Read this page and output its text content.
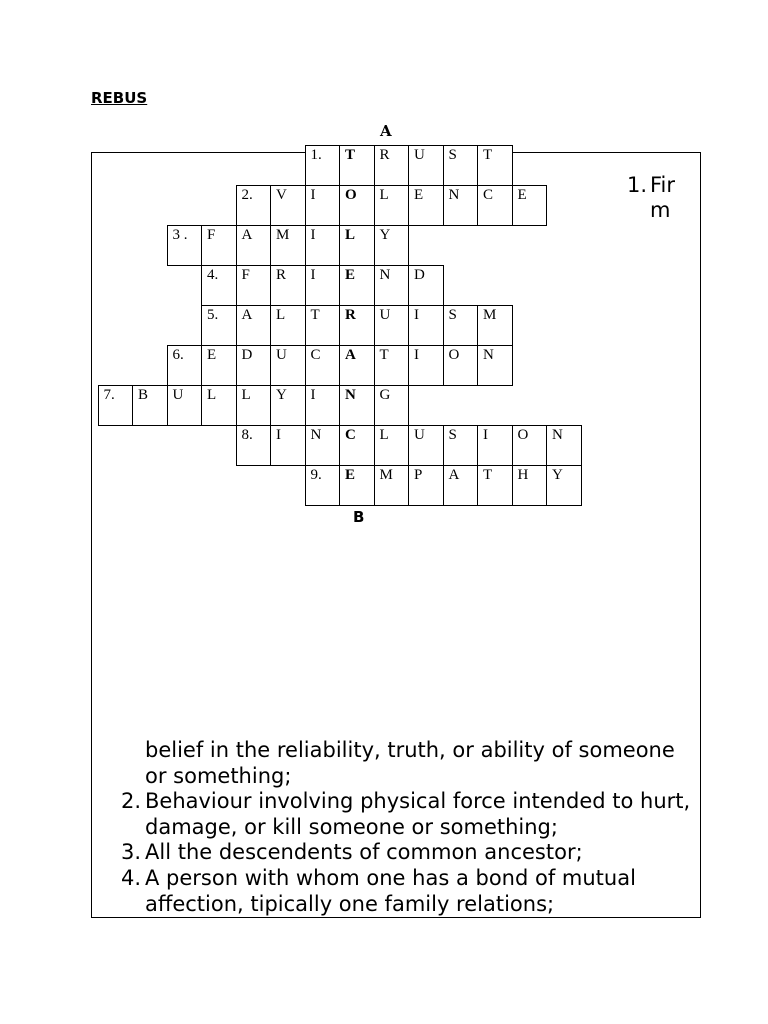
REBUS
A
B
1.	T	R	U	S	T
2.	V	I	O	L	E	N	C	E
3 .	F	A	M	I	L	Y
4.	F	R	I	E	N	D
5.	A	L	T	R	U	I	S	M
6.	E	D	U	C	A	T	I	O	N
7.	B	U	L	L	Y	I	N	G
8.	I	N	C	L	U	S	I	O	N
9.	E	M	P	A	T	H	Y
1. Fir
m
belief in the reliability, truth, or ability of someone or something;
2. Behaviour involving physical force intended to hurt, damage, or kill someone or something;
3. All the descendents of common ancestor;
4. A person with whom one has a bond of mutual affection, tipically one family relations;
